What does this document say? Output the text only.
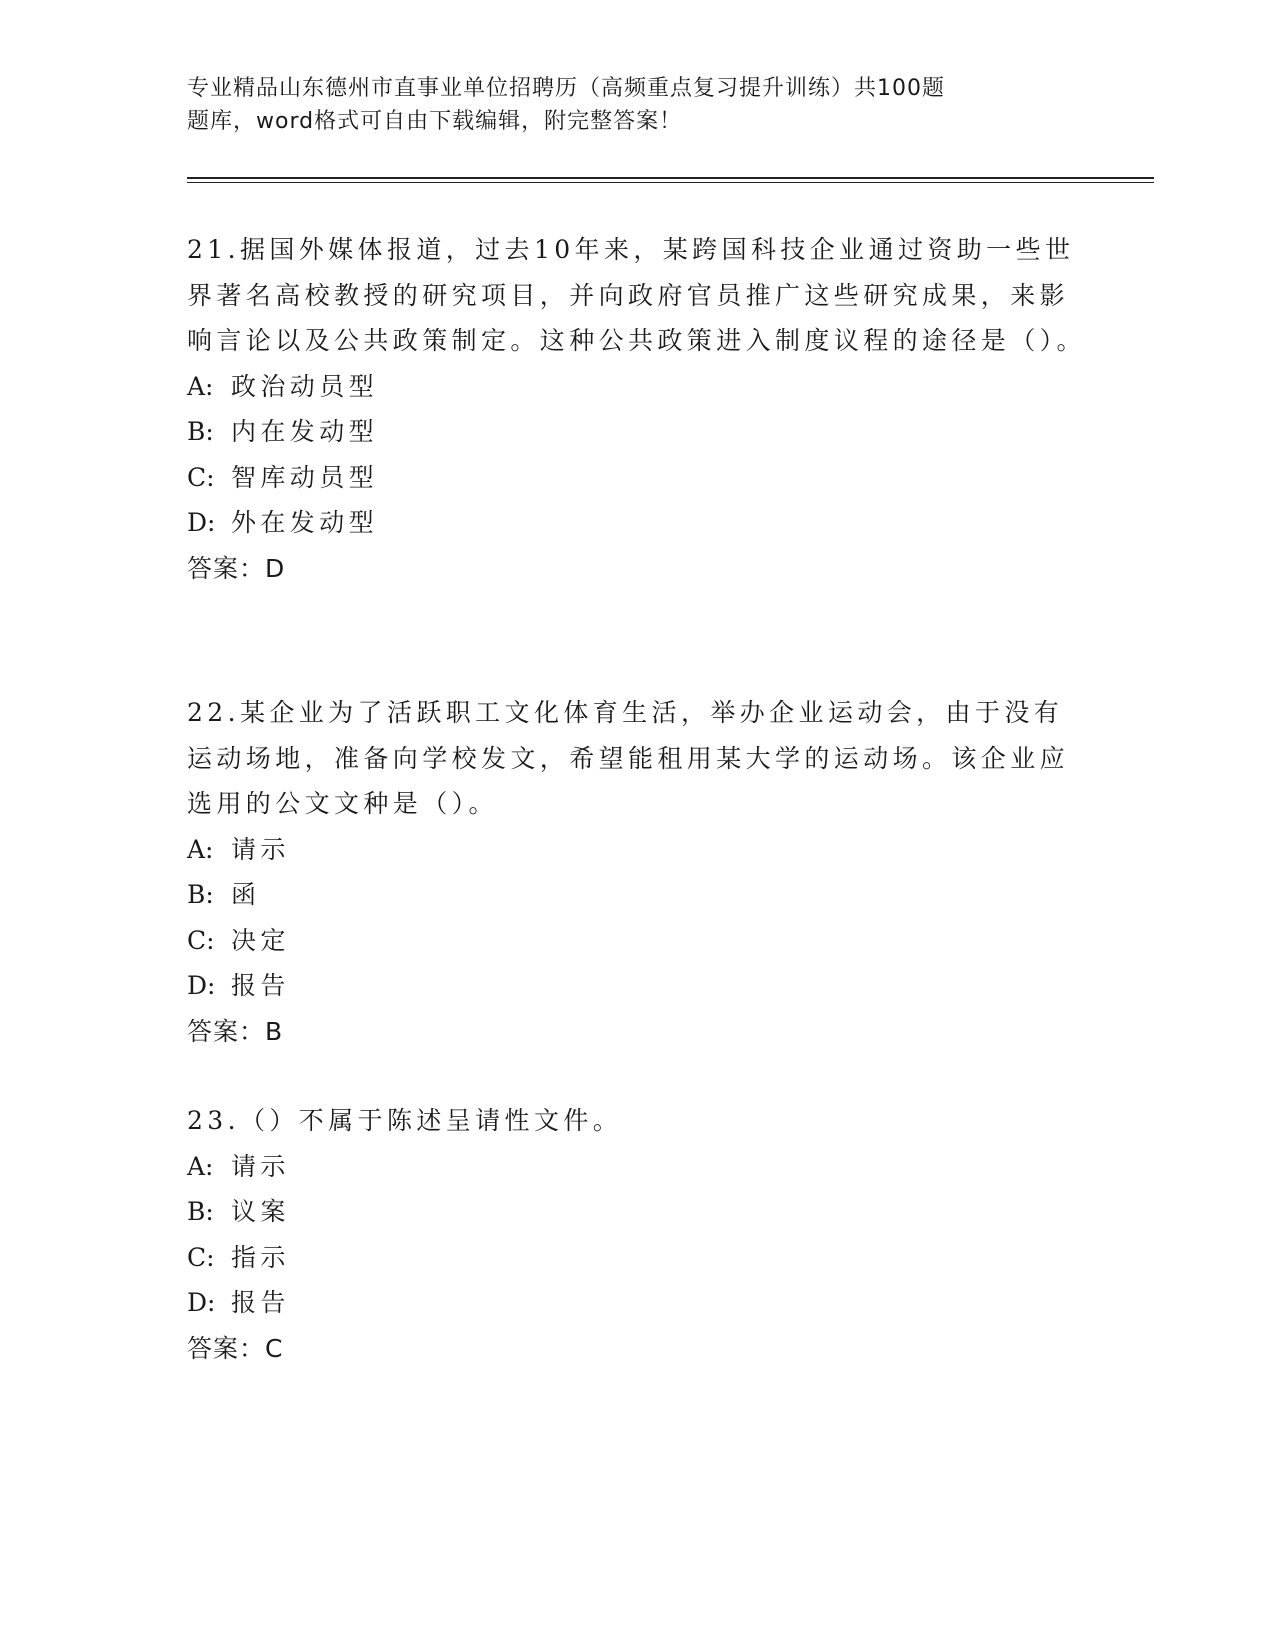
专业精品山东德州市直事业单位招聘历（高频重点复习提升训练）共100题
题库，word格式可自由下载编辑，附完整答案！

21.据国外媒体报道，过去10年来，某跨国科技企业通过资助一些世界著名高校教授的研究项目，并向政府官员推广这些研究成果，来影响言论以及公共政策制定。这种公共政策进入制度议程的途径是（）。

A: 政治动员型

B: 内在发动型

C: 智库动员型

D: 外在发动型

答案：D

22.某企业为了活跃职工文化体育生活，举办企业运动会，由于没有运动场地，准备向学校发文，希望能租用某大学的运动场。该企业应选用的公文文种是（）。

A: 请示

B: 函

C: 决定

D: 报告

答案：B

23.（）不属于陈述呈请性文件。

A: 请示

B: 议案

C: 指示

D: 报告

答案：C
